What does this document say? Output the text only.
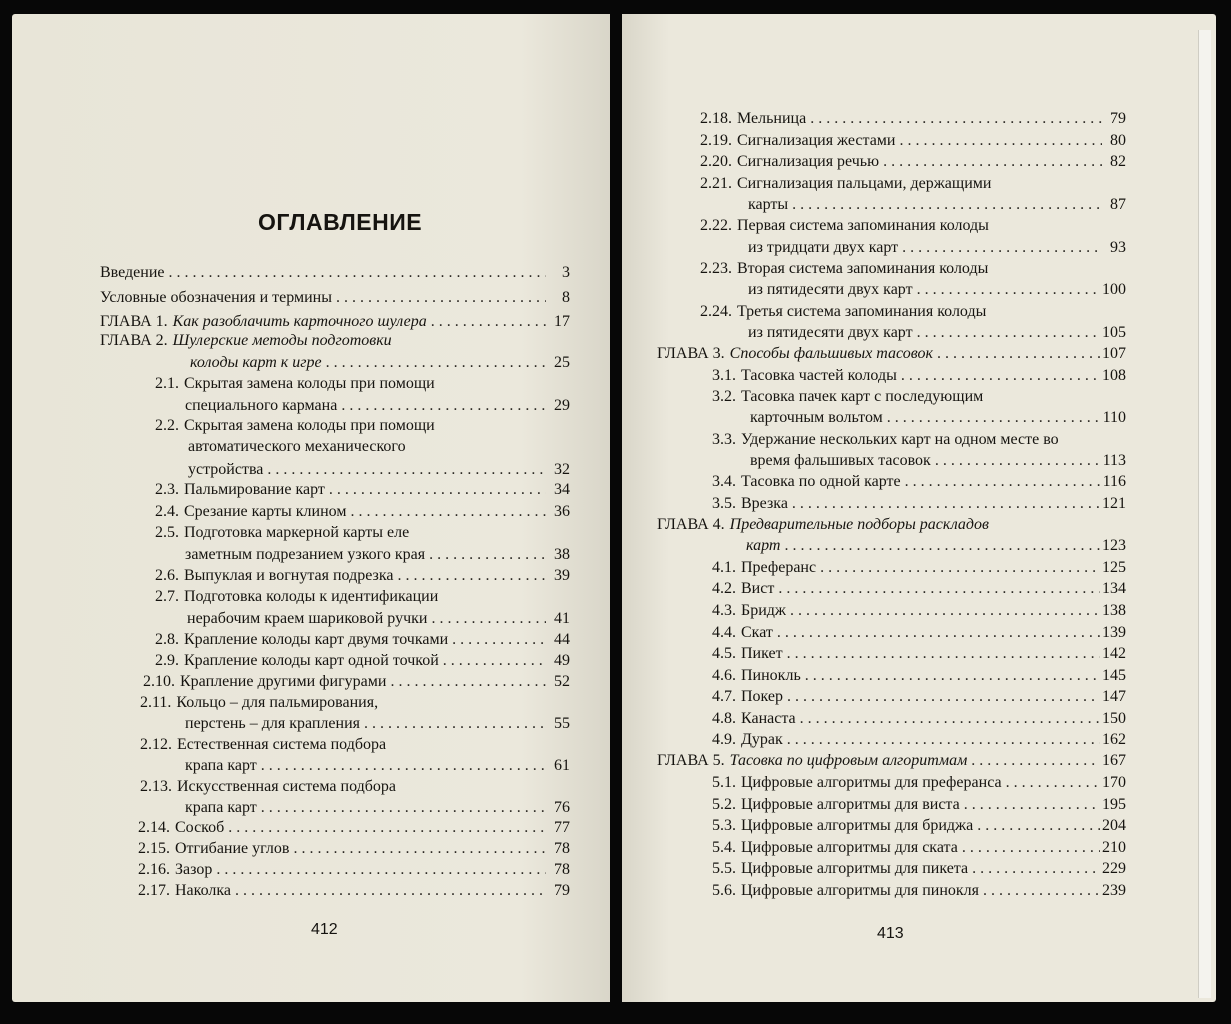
ОГЛАВЛЕНИЕ
Введение . . .	3
Условные обозначения и термины . . .	8
ГЛАВА 1. Как разоблачить карточного шулера . . .	17
ГЛАВА 2. Шулерские методы подготовки
колоды карт к игре . . .	25
2.1. Скрытая замена колоды при помощи
специального кармана . . .	29
2.2. Скрытая замена колоды при помощи
автоматического механического
устройства . . .	32
2.3. Пальмирование карт . . .	34
2.4. Срезание карты клином . . .	36
2.5. Подготовка маркерной карты еле
заметным подрезанием узкого края . . .	38
2.6. Выпуклая и вогнутая подрезка . . .	39
2.7. Подготовка колоды к идентификации
нерабочим краем шариковой ручки . . .	41
2.8. Крапление колоды карт двумя точками . . .	44
2.9. Крапление колоды карт одной точкой . . .	49
2.10. Крапление другими фигурами . . .	52
2.11. Кольцо – для пальмирования,
перстень – для крапления . . .	55
2.12. Естественная система подбора
крапа карт . . .	61
2.13. Искусственная система подбора
крапа карт . . .	76
2.14. Соскоб . . .	77
2.15. Отгибание углов . . .	78
2.16. Зазор . . .	78
2.17. Наколка . . .	79
412
2.18. Мельница . . .	79
2.19. Сигнализация жестами . . .	80
2.20. Сигнализация речью . . .	82
2.21. Сигнализация пальцами, держащими
карты . . .	87
2.22. Первая система запоминания колоды
из тридцати двух карт . . .	93
2.23. Вторая система запоминания колоды
из пятидесяти двух карт . . .	100
2.24. Третья система запоминания колоды
из пятидесяти двух карт . . .	105
ГЛАВА 3. Способы фальшивых тасовок . . .	107
3.1. Тасовка частей колоды . . .	108
3.2. Тасовка пачек карт с последующим
карточным вольтом . . .	110
3.3. Удержание нескольких карт на одном месте во
время фальшивых тасовок . . .	113
3.4. Тасовка по одной карте . . .	116
3.5. Врезка . . .	121
ГЛАВА 4. Предварительные подборы раскладов
карт . . .	123
4.1. Преферанс . . .	125
4.2. Вист . . .	134
4.3. Бридж . . .	138
4.4. Скат . . .	139
4.5. Пикет . . .	142
4.6. Пинокль . . .	145
4.7. Покер . . .	147
4.8. Канаста . . .	150
4.9. Дурак . . .	162
ГЛАВА 5. Тасовка по цифровым алгоритмам . . .	167
5.1. Цифровые алгоритмы для преферанса . . .	170
5.2. Цифровые алгоритмы для виста . . .	195
5.3. Цифровые алгоритмы для бриджа . . .	204
5.4. Цифровые алгоритмы для ската . . .	210
5.5. Цифровые алгоритмы для пикета . . .	229
5.6. Цифровые алгоритмы для пинокля . . .	239
413
